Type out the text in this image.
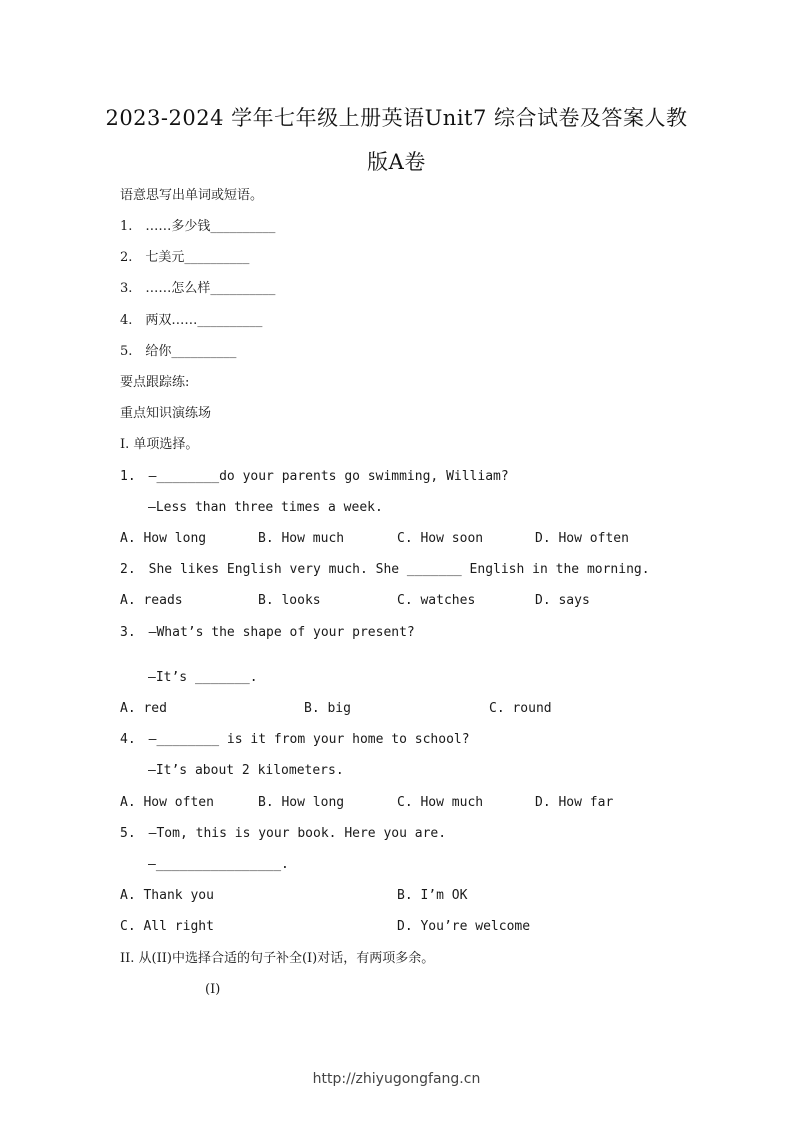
2023-2024 学年七年级上册英语Unit7 综合试卷及答案人教
版A卷
语意思写出单词或短语。
1.　……多少钱__________
2.　七美元__________
3.　……怎么样__________
4.　两双……__________
5.　给你__________
要点跟踪练:
重点知识演练场
I. 单项选择。
1.　—________do your parents go swimming, William?
—Less than three times a week.
A. How long	B. How much	C. How soon	D. How often
2.　She likes English very much. She _______ English in the morning.
A. reads	B. looks	C. watches	D. says
3.　—What’s the shape of your present?
—It’s _______.
A. red	B. big	C. round
4.　—________ is it from your home to school?
—It’s about 2 kilometers.
A. How often	B. How long	C. How much	D. How far
5.　—Tom, this is your book. Here you are.
—________________.
A. Thank you	B. I’m OK
C. All right	D. You’re welcome
II. 从(II)中选择合适的句子补全(I)对话，有两项多余。
(I)
http://zhiyugongfang.cn
